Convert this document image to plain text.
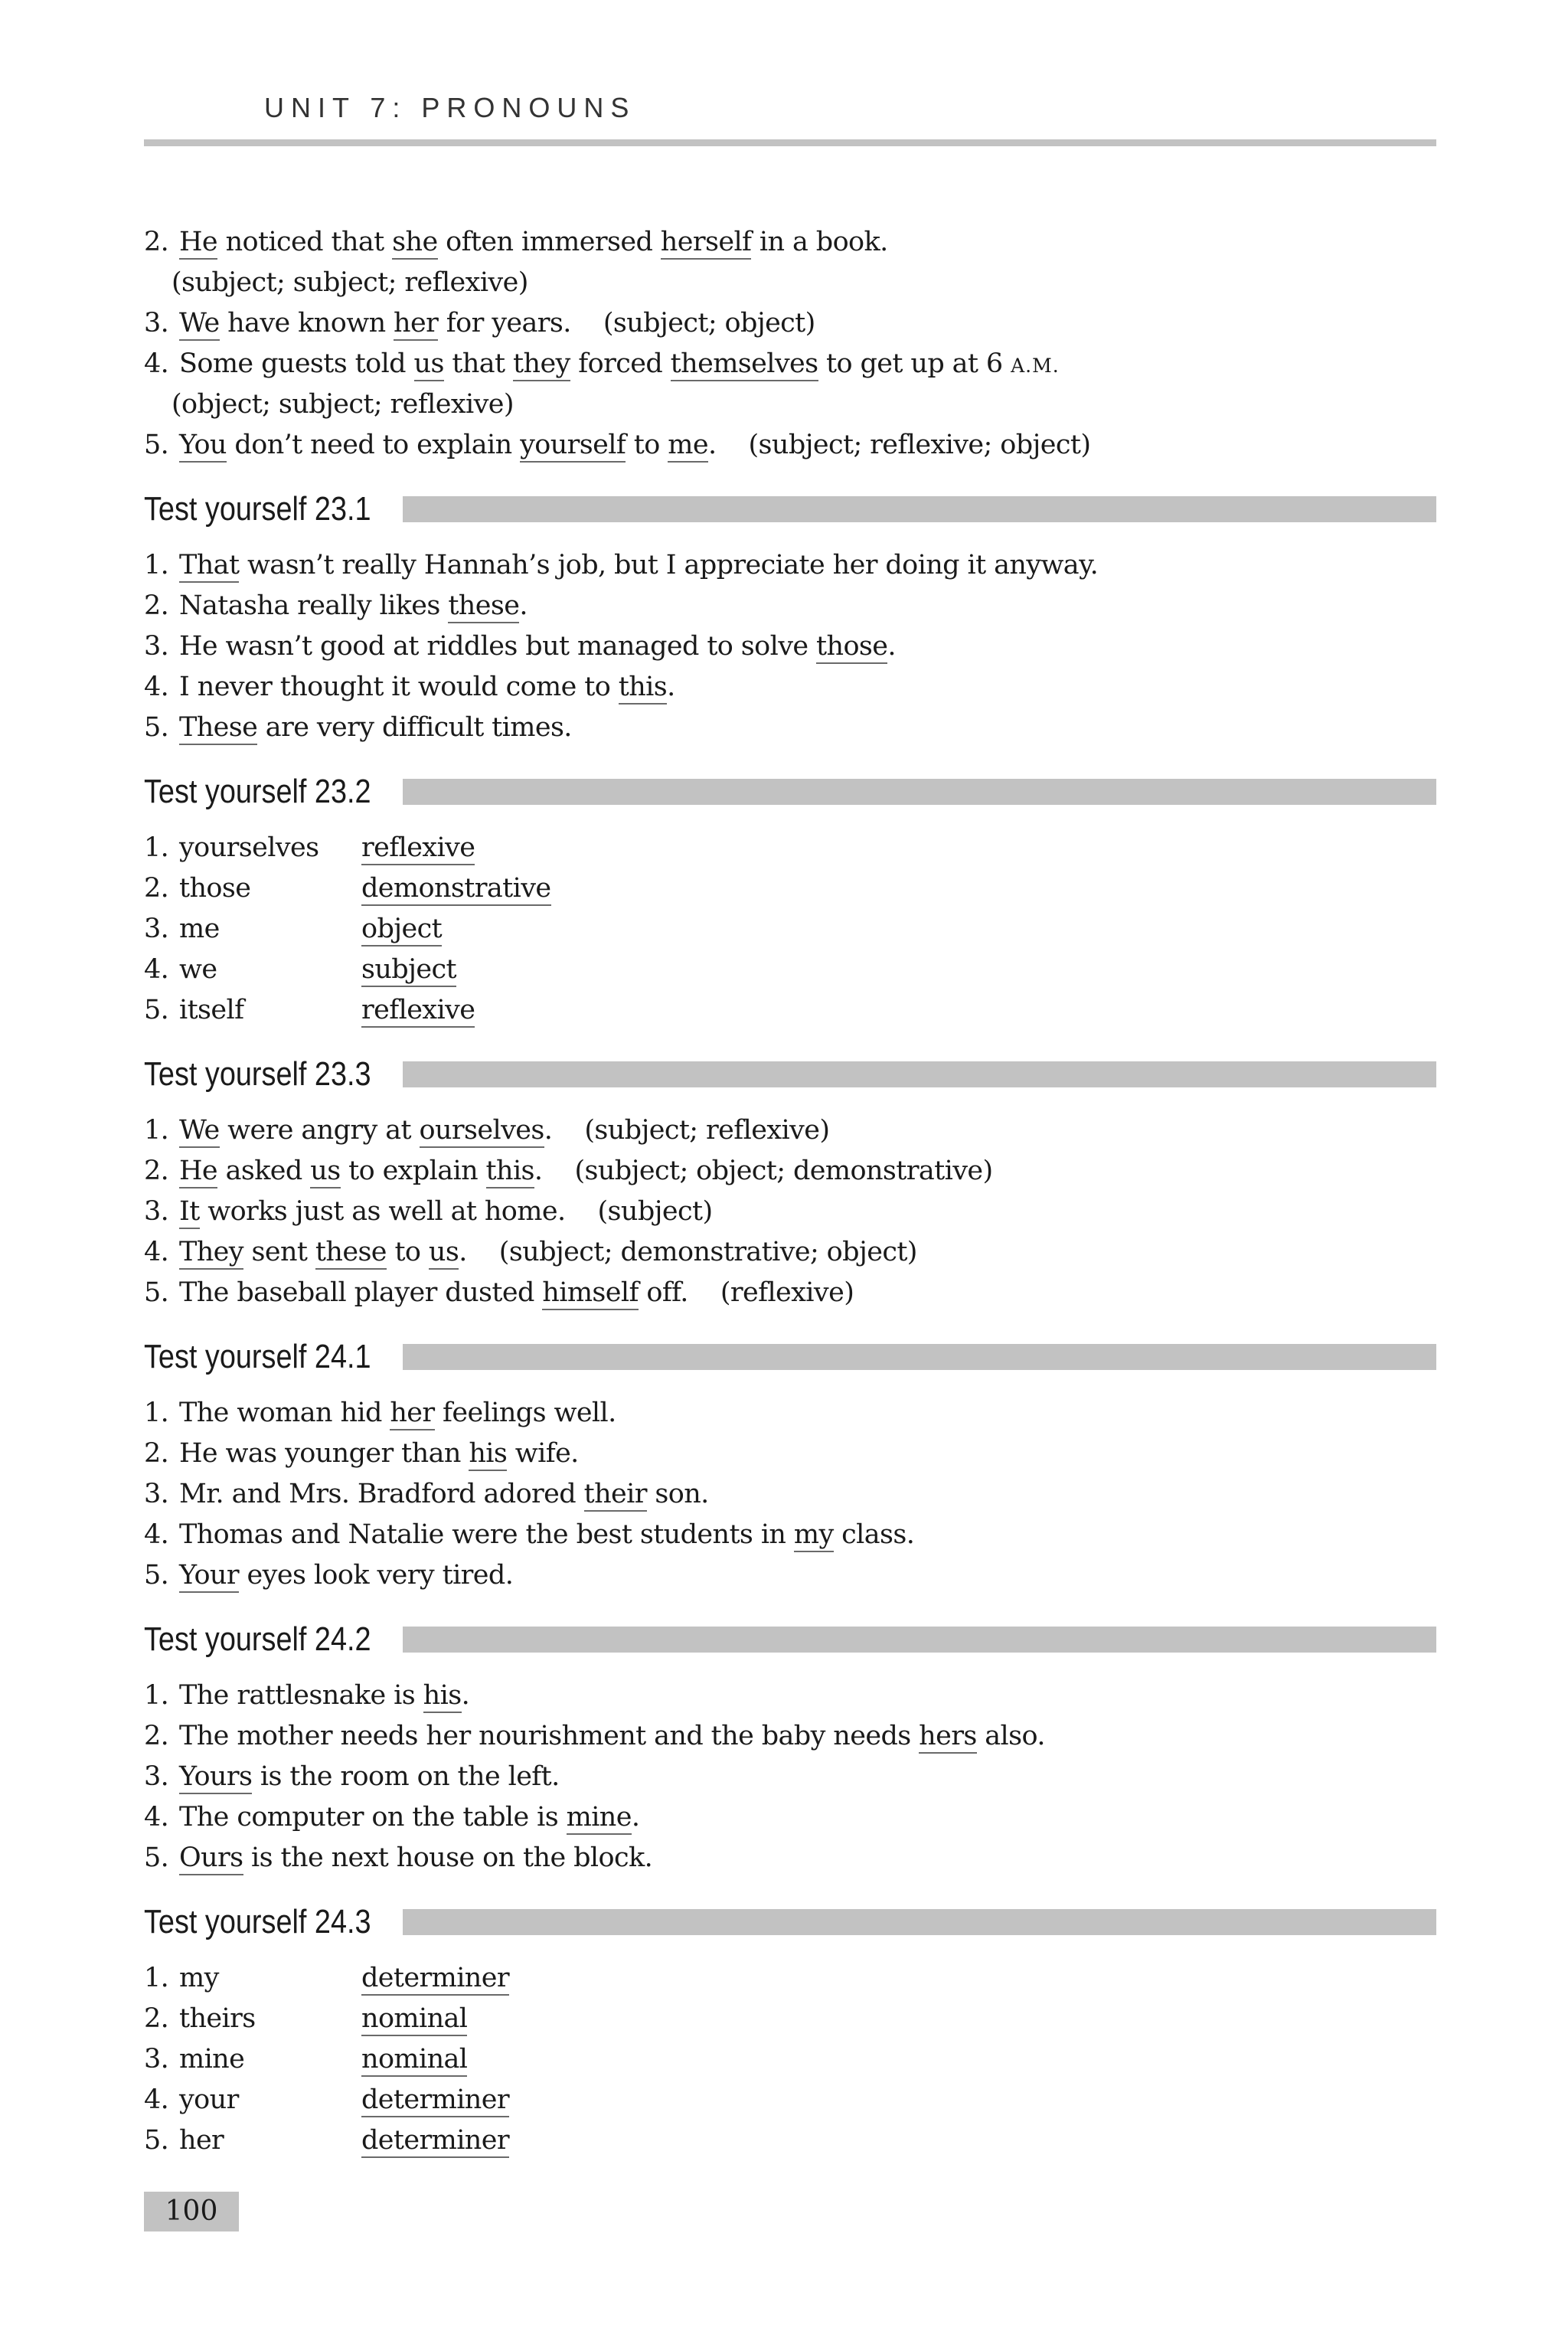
UNIT 7: PRONOUNS
2. He noticed that she often immersed herself in a book.
(subject; subject; reflexive)
3. We have known her for years. (subject; object)
4. Some guests told us that they forced themselves to get up at 6 A.M.
(object; subject; reflexive)
5. You don’t need to explain yourself to me. (subject; reflexive; object)
Test yourself 23.1
1. That wasn’t really Hannah’s job, but I appreciate her doing it anyway.
2. Natasha really likes these.
3. He wasn’t good at riddles but managed to solve those.
4. I never thought it would come to this.
5. These are very difficult times.
Test yourself 23.2
1. yourselves reflexive
2. those	demonstrative
3. me	object
4. we	subject
5. itself	reflexive
Test yourself 23.3
1. We were angry at ourselves. (subject; reflexive)
2. He asked us to explain this. (subject; object; demonstrative)
3. It works just as well at home. (subject)
4. They sent these to us. (subject; demonstrative; object)
5. The baseball player dusted himself off. (reflexive)
Test yourself 24.1
1. The woman hid her feelings well.
2. He was younger than his wife.
3. Mr. and Mrs. Bradford adored their son.
4. Thomas and Natalie were the best students in my class.
5. Your eyes look very tired.
Test yourself 24.2
1. The rattlesnake is his.
2. The mother needs her nourishment and the baby needs hers also.
3. Yours is the room on the left.
4. The computer on the table is mine.
5. Ours is the next house on the block.
Test yourself 24.3
1. my	determiner
2. theirs	nominal
3. mine	nominal
4. your	determiner
5. her	determiner
100
